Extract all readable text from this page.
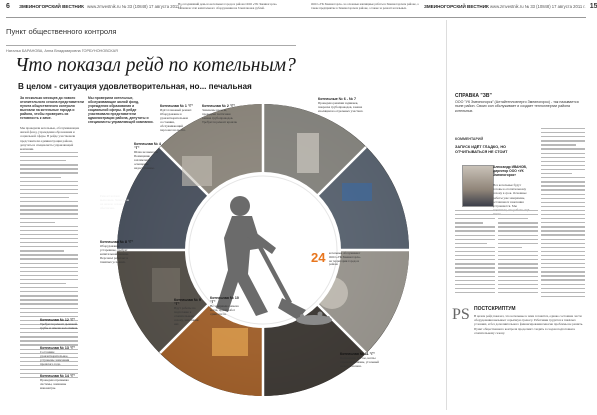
6 ЗМЕИНОГОРСКИЙ ВЕСТНИК www.zmvestnik.ru № 33 (10848) 17 августа 2011 г.
На сегодняшний день на котельных города и района ООО «УК Змеиногорск» закончила этап капитального оборудования на 6 миллионов рублей.
ООО «УК Змеиногорск» за основные жилищные работы в Змеиногорском районе, а также предприятие в Змеиногорском районе, а также за ремонт котельных.	ЗМЕИНОГОРСКИЙ ВЕСТНИК www.zmvestnik.ru № 33 (10848) 17 августа 2011 г. 15
Пункт общественного контроля
Наталья БАРАНОВА, Анна Владимировна ГОРБУНОНОВСКАЯ
Что показал рейд по котельным?
В целом - ситуация удовлетворительная, но... печальная
За несколько месяцев до нового отопительного сезона представители пункта общественного контроля выехали на котельные города и района, чтобы проверить их готовность к зиме.
Мы проверили котельные, обслуживающие жилой фонд, учреждения образования и социальной сферы. В рейде участвовали представители администрации района, депутаты и специалисты управляющей компании.
Мы проверили котельные, обслуживающие жилой фонд, учреждения образования и социальной сферы. В рейде участвовали представители администрации района, депутаты и специалисты управляющей компании.
24 котельные обслуживают ООО «УК Змеиногорск» на территории города и района
Котельная № 1 "Г"
Идёт плановый ремонт. Оборудование в удовлетворительном состоянии, обслуживающий персонал на месте.
Котельная № 2 "Г"
Заменены насосы, проведена частичная замена трубопроводов. Требуется ремонт кровли.
Котельные № 6 - № 7
Проведена ревизия задвижек, покраска трубопроводов, замена изоляции на отдельных участках.
Котельная № 4 "Г"
Шлак не вывезен. Помещение захламлено, освещение недостаточное.
Котельная № 5 "Г"
Ремонт котлов выполнен. Запас угля на начало сезона обеспечен.
Котельная № 8 "Г"
Оборудование устаревшее, требует капитальной замены. Персонал работает в тяжёлых условиях.
Котельная № 9 "Г"
Идут работы по подготовке к отопительному сезону, замечаний нет.
Котельная № 10 "Г"
Не завершена замена котла, сроки работ сдвигаются.
Котельная № 11 "Г"
Помещение чистое, котлы отремонтированы, угольный склад заполнен.
Котельная № 12 "Г"
Требуется ремонт дымовой трубы и замена колосников.
Котельная № 13 "Г"
Состояние удовлетворительное, устранены замечания прошлого года.
Котельная № 14 "Г"
Проведена промывка системы, заменены манометры.
СПРАВКА "ЗВ"
ООО "УК Змеиногорск" (Алтайтеплоэнерго Змеиногорск) - так называется ныне район. Своих сил обслуживает и создает теплоэнергии района котельных.
КОММЕНТАРИЙ
ЗАПУСК ИДЁТ ГЛАДКО, НО ОТЧИТЫВАТЬСЯ НЕ СТОИТ
Александр ИВАНОВ, директор ООО «УК Змеиногорск»
Все котельные будут готовы к отопительному сезону в срок. Основные работы уже завершены, оставшиеся замечания устраняются. Мы
PS ПОСТСКРИПТУМ
В целом рейд показал, что котельные к зиме готовятся, однако состояние части оборудования вызывает серьёзную тревогу. Работники трудятся в тяжёлых условиях, и без дополнительного финансирования многие проблемы не решить. Пункт общественного контроля продолжит следить за ходом подготовки к отопительному сезону.
